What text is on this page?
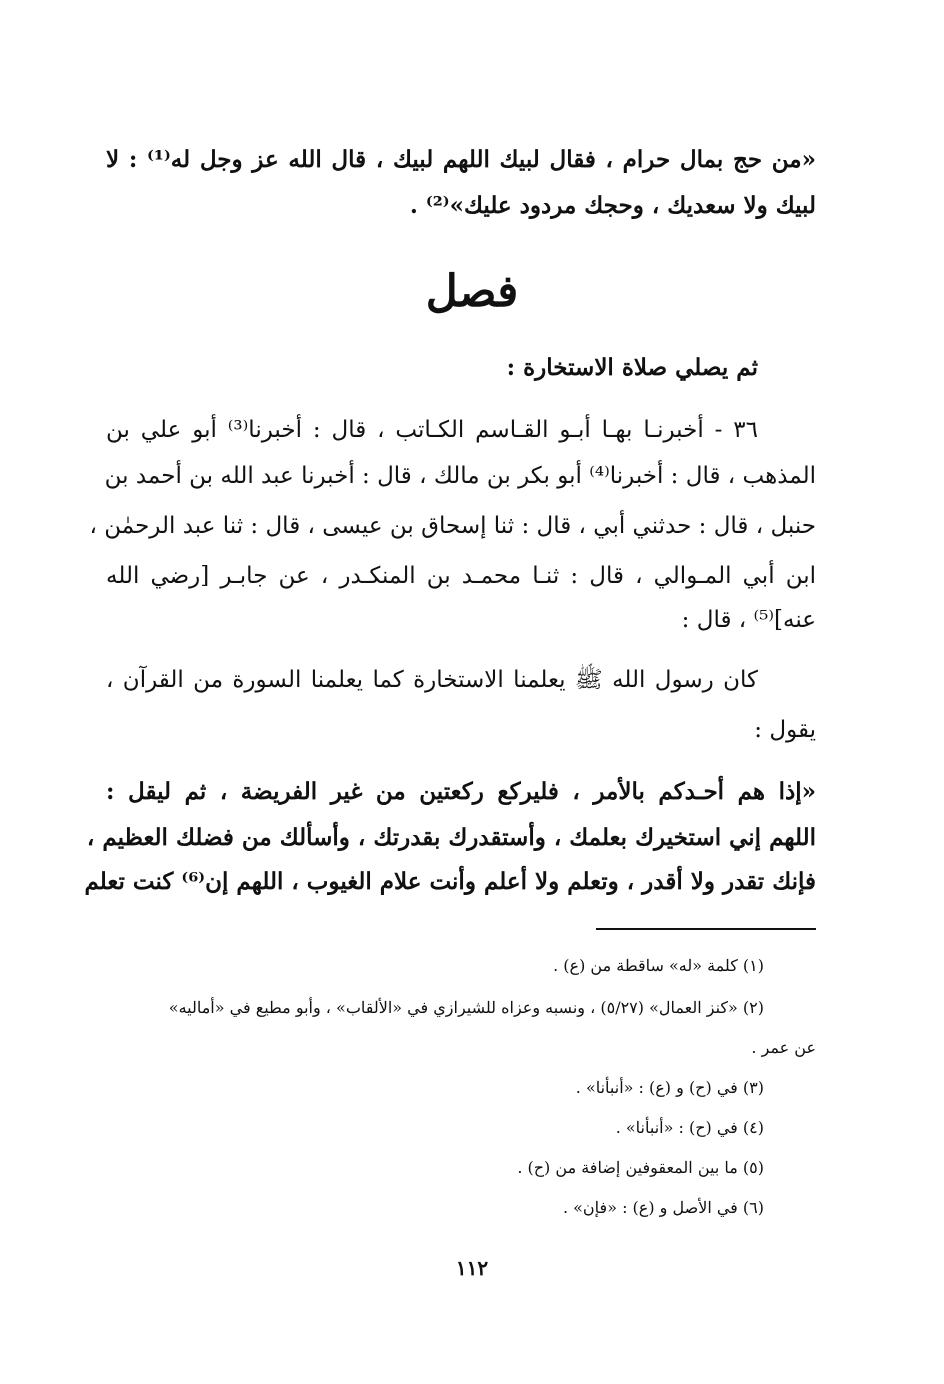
«من حج بمال حرام ، فقال لبيك اللهم لبيك ، قال الله عز وجل له⁽¹⁾ : لا
لبيك ولا سعديك ، وحجك مردود عليك»⁽²⁾ .
فصل
ثم يصلي صلاة الاستخارة :
٣٦ - أخبرنـا بهـا أبـو القـاسم الكـاتب ، قال : أخبرنا⁽³⁾ أبو علي بن
المذهب ، قال : أخبرنا⁽⁴⁾ أبو بكر بن مالك ، قال : أخبرنا عبد الله بن أحمد بن
حنبل ، قال : حدثني أبي ، قال : ثنا إسحاق بن عيسى ، قال : ثنا عبد الرحمٰن ،
ابن أبي المـوالي ، قال : ثنـا محمـد بن المنكـدر ، عن جابـر [رضي الله
عنه]⁽⁵⁾ ، قال :
كان رسول الله ﷺ يعلمنا الاستخارة كما يعلمنا السورة من القرآن ،
يقول :
«إذا هم أحـدكم بالأمر ، فليركع ركعتين من غير الفريضة ، ثم ليقل :
اللهم إني استخيرك بعلمك ، وأستقدرك بقدرتك ، وأسألك من فضلك العظيم ،
فإنك تقدر ولا أقدر ، وتعلم ولا أعلم وأنت علام الغيوب ، اللهم إن⁽⁶⁾ كنت تعلم
(١) كلمة «له» ساقطة من (ع) .
(٢) «كنز العمال» (٥/٢٧) ، ونسبه وعزاه للشيرازي في «الألقاب» ، وأبو مطيع في «أماليه»
عن عمر .
(٣) في (ح) و (ع) : «أنبأنا» .
(٤) في (ح) : «أنبأنا» .
(٥) ما بين المعقوفين إضافة من (ح) .
(٦) في الأصل و (ع) : «فإن» .
١١٢
